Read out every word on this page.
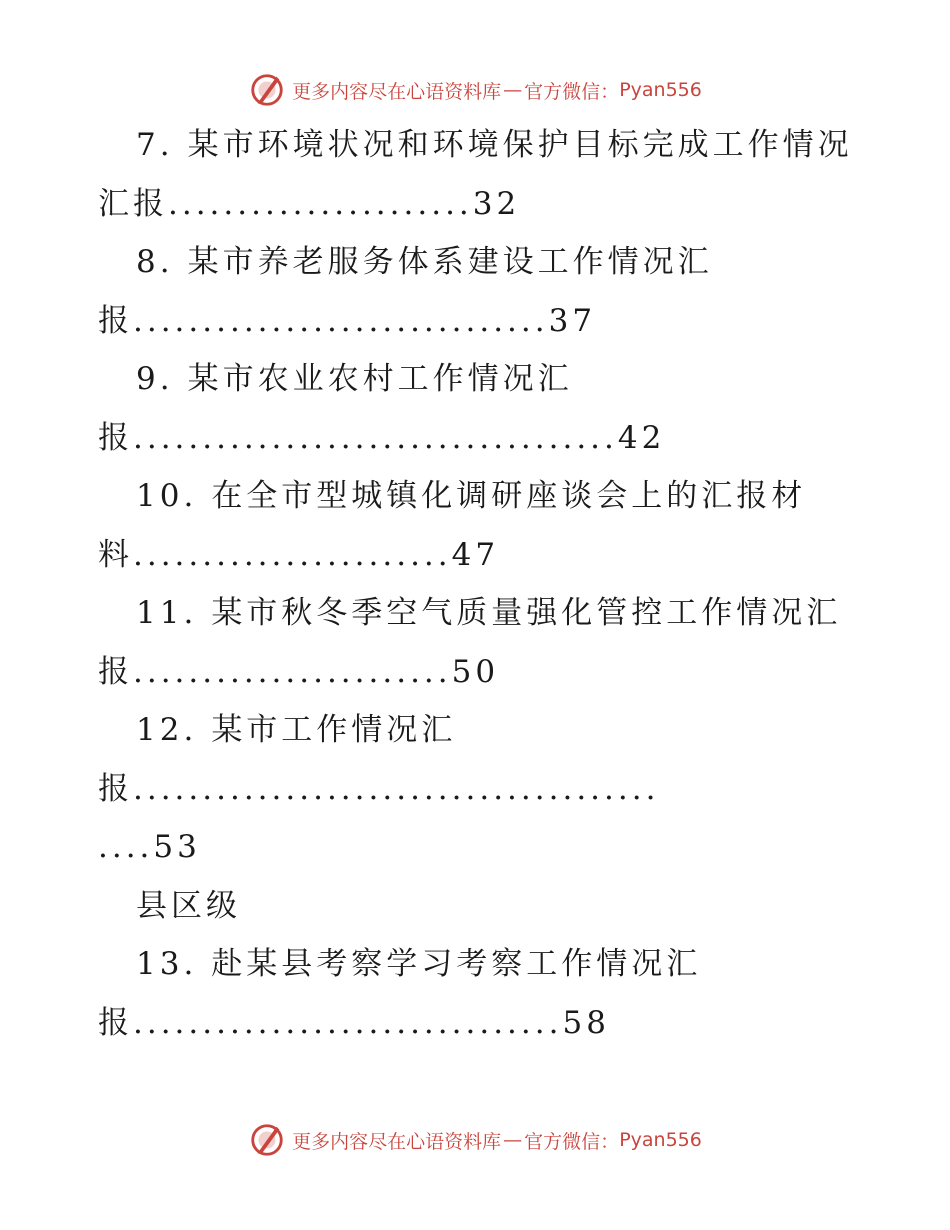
更多内容尽在心语资料库 — 官方微信： Pyan556
7. 某市环境状况和环境保护目标完成工作情况
汇报......................32
8. 某市养老服务体系建设工作情况汇
报..............................37
9. 某市农业农村工作情况汇
报...................................42
10. 在全市型城镇化调研座谈会上的汇报材
料.......................47
11. 某市秋冬季空气质量强化管控工作情况汇
报.......................50
12. 某市工作情况汇
报......................................
....53
县区级
13. 赴某县考察学习考察工作情况汇
报...............................58
更多内容尽在心语资料库 — 官方微信： Pyan556
